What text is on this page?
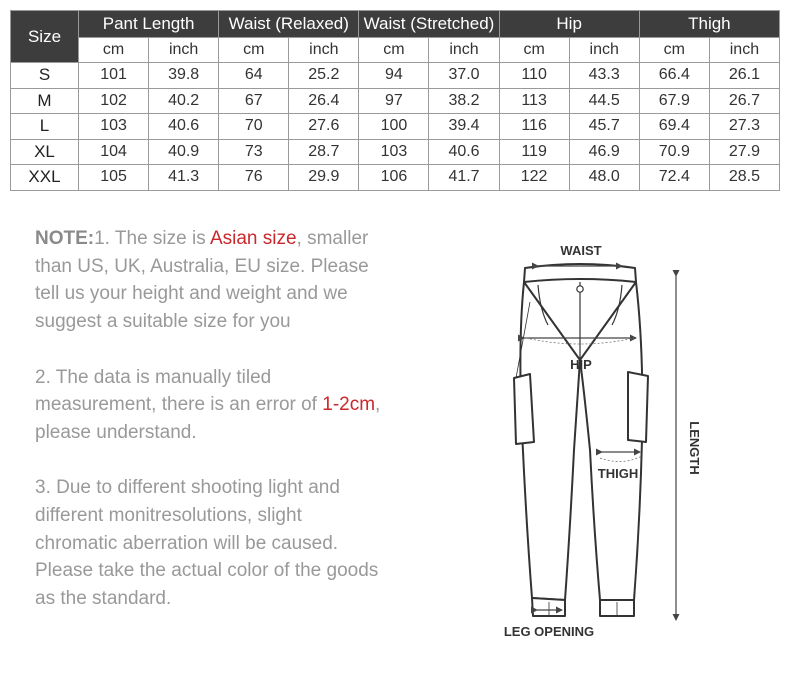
Size	Pant Length		Waist (Relaxed)		Waist (Stretched)		Hip		Thigh	
	cm	inch	cm	inch	cm	inch	cm	inch	cm	inch
S	101	39.8	64	25.2	94	37.0	110	43.3	66.4	26.1
M	102	40.2	67	26.4	97	38.2	113	44.5	67.9	26.7
L	103	40.6	70	27.6	100	39.4	116	45.7	69.4	27.3
XL	104	40.9	73	28.7	103	40.6	119	46.9	70.9	27.9
XXL	105	41.3	76	29.9	106	41.7	122	48.0	72.4	28.5

NOTE:1. The size is Asian size, smaller than US, UK, Australia, EU size. Please tell us your height and weight and we suggest a suitable size for you

2. The data is manually tiled measurement, there is an error of 1-2cm, please understand.

3. Due to different shooting light and different monitresolutions, slight chromatic aberration will be caused. Please take the actual color of the goods as the standard.

WAIST
HIP
THIGH	LENGTH
LEG OPENING
